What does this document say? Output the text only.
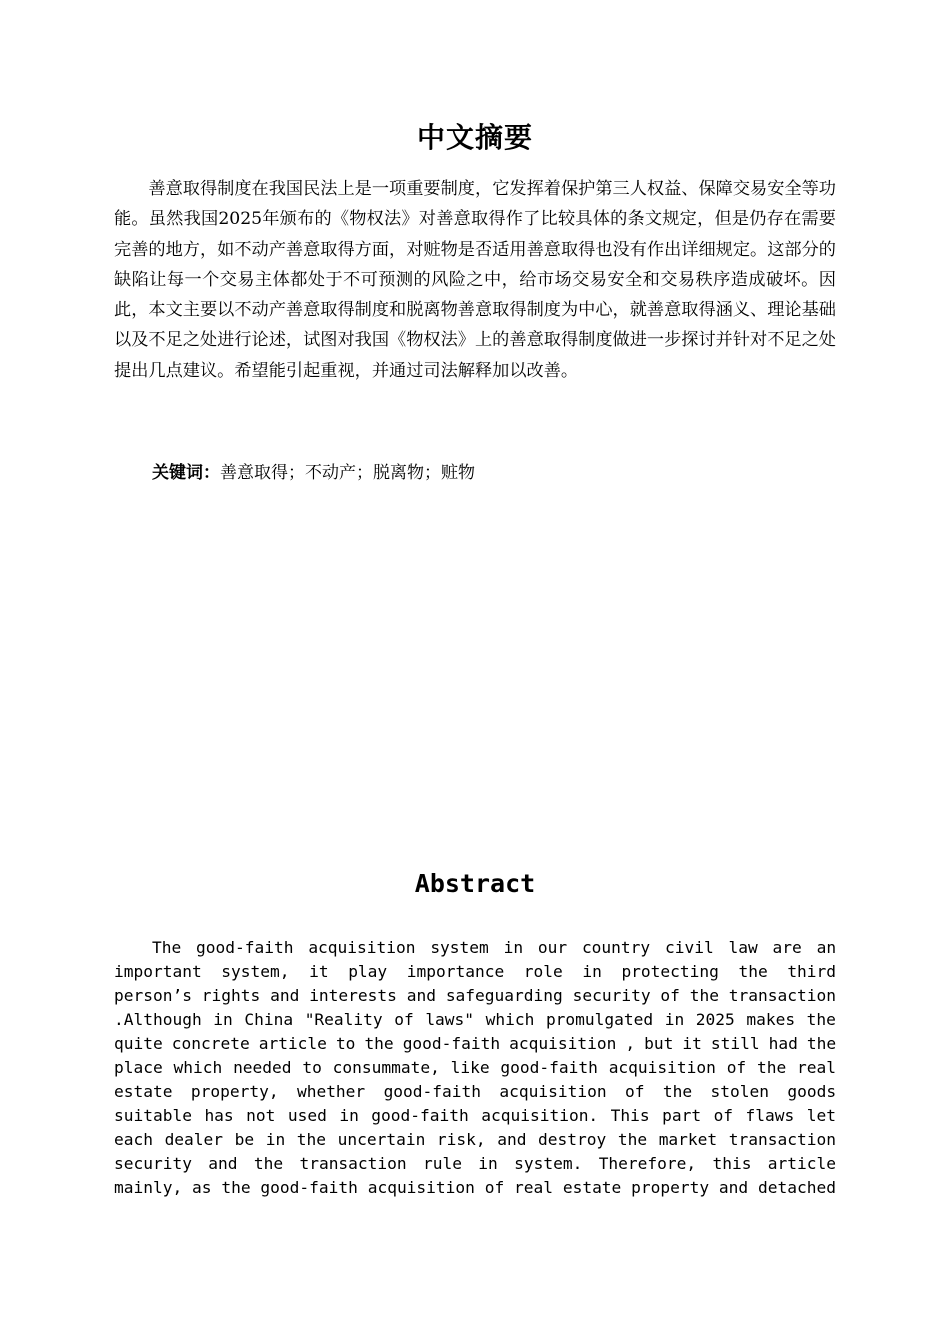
中文摘要
善意取得制度在我国民法上是一项重要制度，它发挥着保护第三人权益、保障交易安全等功能。虽然我国2025年颁布的《物权法》对善意取得作了比较具体的条文规定，但是仍存在需要完善的地方，如不动产善意取得方面，对赃物是否适用善意取得也没有作出详细规定。这部分的缺陷让每一个交易主体都处于不可预测的风险之中，给市场交易安全和交易秩序造成破坏。因此，本文主要以不动产善意取得制度和脱离物善意取得制度为中心，就善意取得涵义、理论基础以及不足之处进行论述，试图对我国《物权法》上的善意取得制度做进一步探讨并针对不足之处提出几点建议。希望能引起重视，并通过司法解释加以改善。
关键词：善意取得；不动产；脱离物；赃物
Abstract
The good-faith acquisition system in our country civil law are an
important system, it play importance role in protecting the third
person’s rights and interests and safeguarding security of the transaction
.Although in China "Reality of laws" which promulgated in 2025 makes the
quite concrete article to the good-faith acquisition , but it still had the
place which needed to consummate, like good-faith acquisition of the real
estate property, whether good-faith acquisition of the stolen goods
suitable has not used in good-faith acquisition. This part of flaws let
each dealer be in the uncertain risk, and destroy the market transaction
security and the transaction rule in system. Therefore, this article
mainly, as the good-faith acquisition of real estate property and detached
